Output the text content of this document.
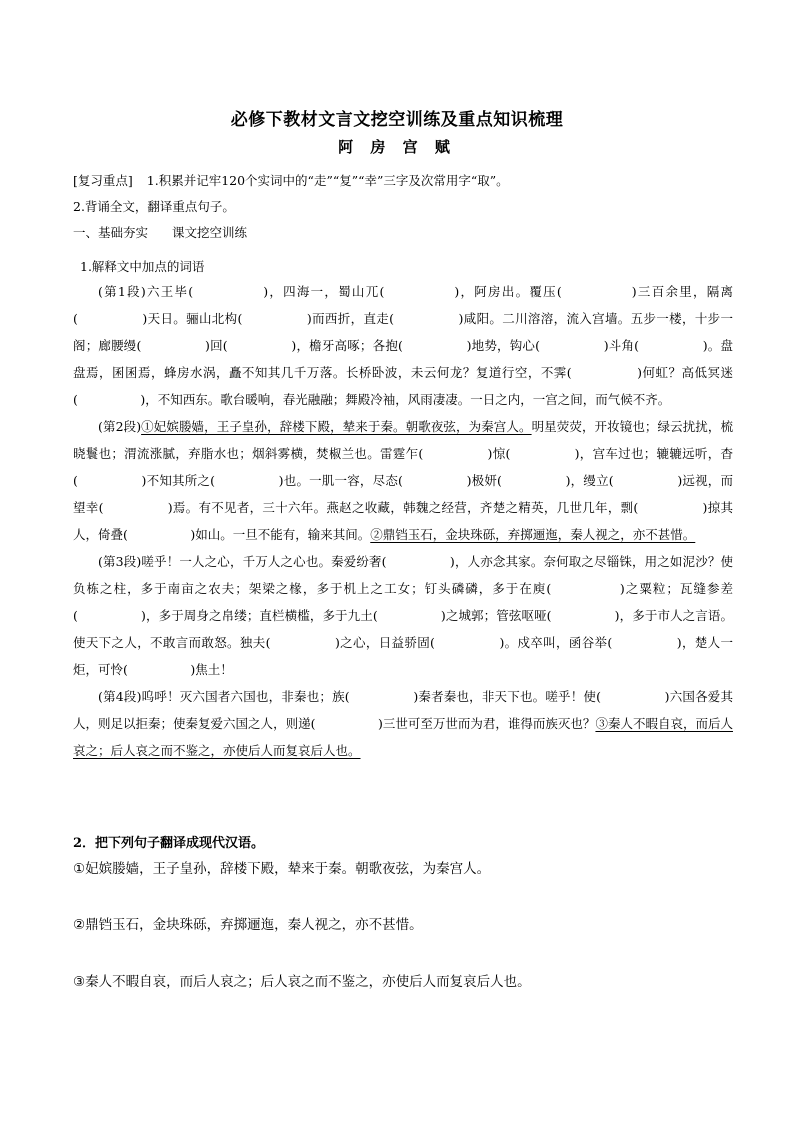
必修下教材文言文挖空训练及重点知识梳理
阿 房 宫 赋
[复习重点] 1.积累并记牢120个实词中的“走”“复”“幸”三字及次常用字“取”。
2.背诵全文，翻译重点句子。
一、基础夯实 课文挖空训练
1.解释文中加点的词语

(第1段)六王毕(　　　　　)，四海一，蜀山兀(　　　　　)，阿房出。覆压(　　　　　)三百余里，隔离(　　　　　)天日。骊山北构(　　　　　)而西折，直走(　　　　　)咸阳。二川溶溶，流入宫墙。五步一楼，十步一阁；廊腰缦(　　　　　)回(　　　　　)，檐牙高啄；各抱(　　　　　)地势，钩心(　　　　　)斗角(　　　　　)。盘盘焉，囷囷焉，蜂房水涡，矗不知其几千万落。长桥卧波，未云何龙？复道行空，不霁(　　　　　)何虹？高低冥迷(　　　　　)，不知西东。歌台暖响，春光融融；舞殿冷袖，风雨凄凄。一日之内，一宫之间，而气候不齐。

(第2段)①妃嫔媵嫱，王子皇孙，辞楼下殿，辇来于秦。朝歌夜弦，为秦宫人。明星荧荧，开妆镜也；绿云扰扰，梳晓鬟也；渭流涨腻，弃脂水也；烟斜雾横，焚椒兰也。雷霆乍(　　　　　)惊(　　　　　)，宫车过也；辘辘远听，杳(　　　　　)不知其所之(　　　　　)也。一肌一容，尽态(　　　　　)极妍(　　　　　)，缦立(　　　　　)远视，而望幸(　　　　　)焉。有不见者，三十六年。燕赵之收藏，韩魏之经营，齐楚之精英，几世几年，剽(　　　　　)掠其人，倚叠(　　　　　)如山。一旦不能有，输来其间。②鼎铛玉石，金块珠砾，弃掷逦迤，秦人视之，亦不甚惜。

(第3段)嗟乎！一人之心，千万人之心也。秦爱纷奢(　　　　　)，人亦念其家。奈何取之尽锱铢，用之如泥沙？使负栋之柱，多于南亩之农夫；架梁之椽，多于机上之工女；钉头磷磷，多于在庾(　　　　　)之粟粒；瓦缝参差(　　　　　)，多于周身之帛缕；直栏横槛，多于九土(　　　　　)之城郭；管弦呕哑(　　　　　)，多于市人之言语。使天下之人，不敢言而敢怒。独夫(　　　　　)之心，日益骄固(　　　　　)。戍卒叫，函谷举(　　　　　)，楚人一炬，可怜(　　　　　)焦土！

(第4段)呜呼！灭六国者六国也，非秦也；族(　　　　　)秦者秦也，非天下也。嗟乎！使(　　　　　)六国各爱其人，则足以拒秦；使秦复爱六国之人，则递(　　　　　)三世可至万世而为君，谁得而族灭也？③秦人不暇自哀，而后人哀之；后人哀之而不鉴之，亦使后人而复哀后人也。

2．把下列句子翻译成现代汉语。
①妃嫔媵嫱，王子皇孙，辞楼下殿，辇来于秦。朝歌夜弦，为秦宫人。
②鼎铛玉石，金块珠砾，弃掷逦迤，秦人视之，亦不甚惜。
③秦人不暇自哀，而后人哀之；后人哀之而不鉴之，亦使后人而复哀后人也。
